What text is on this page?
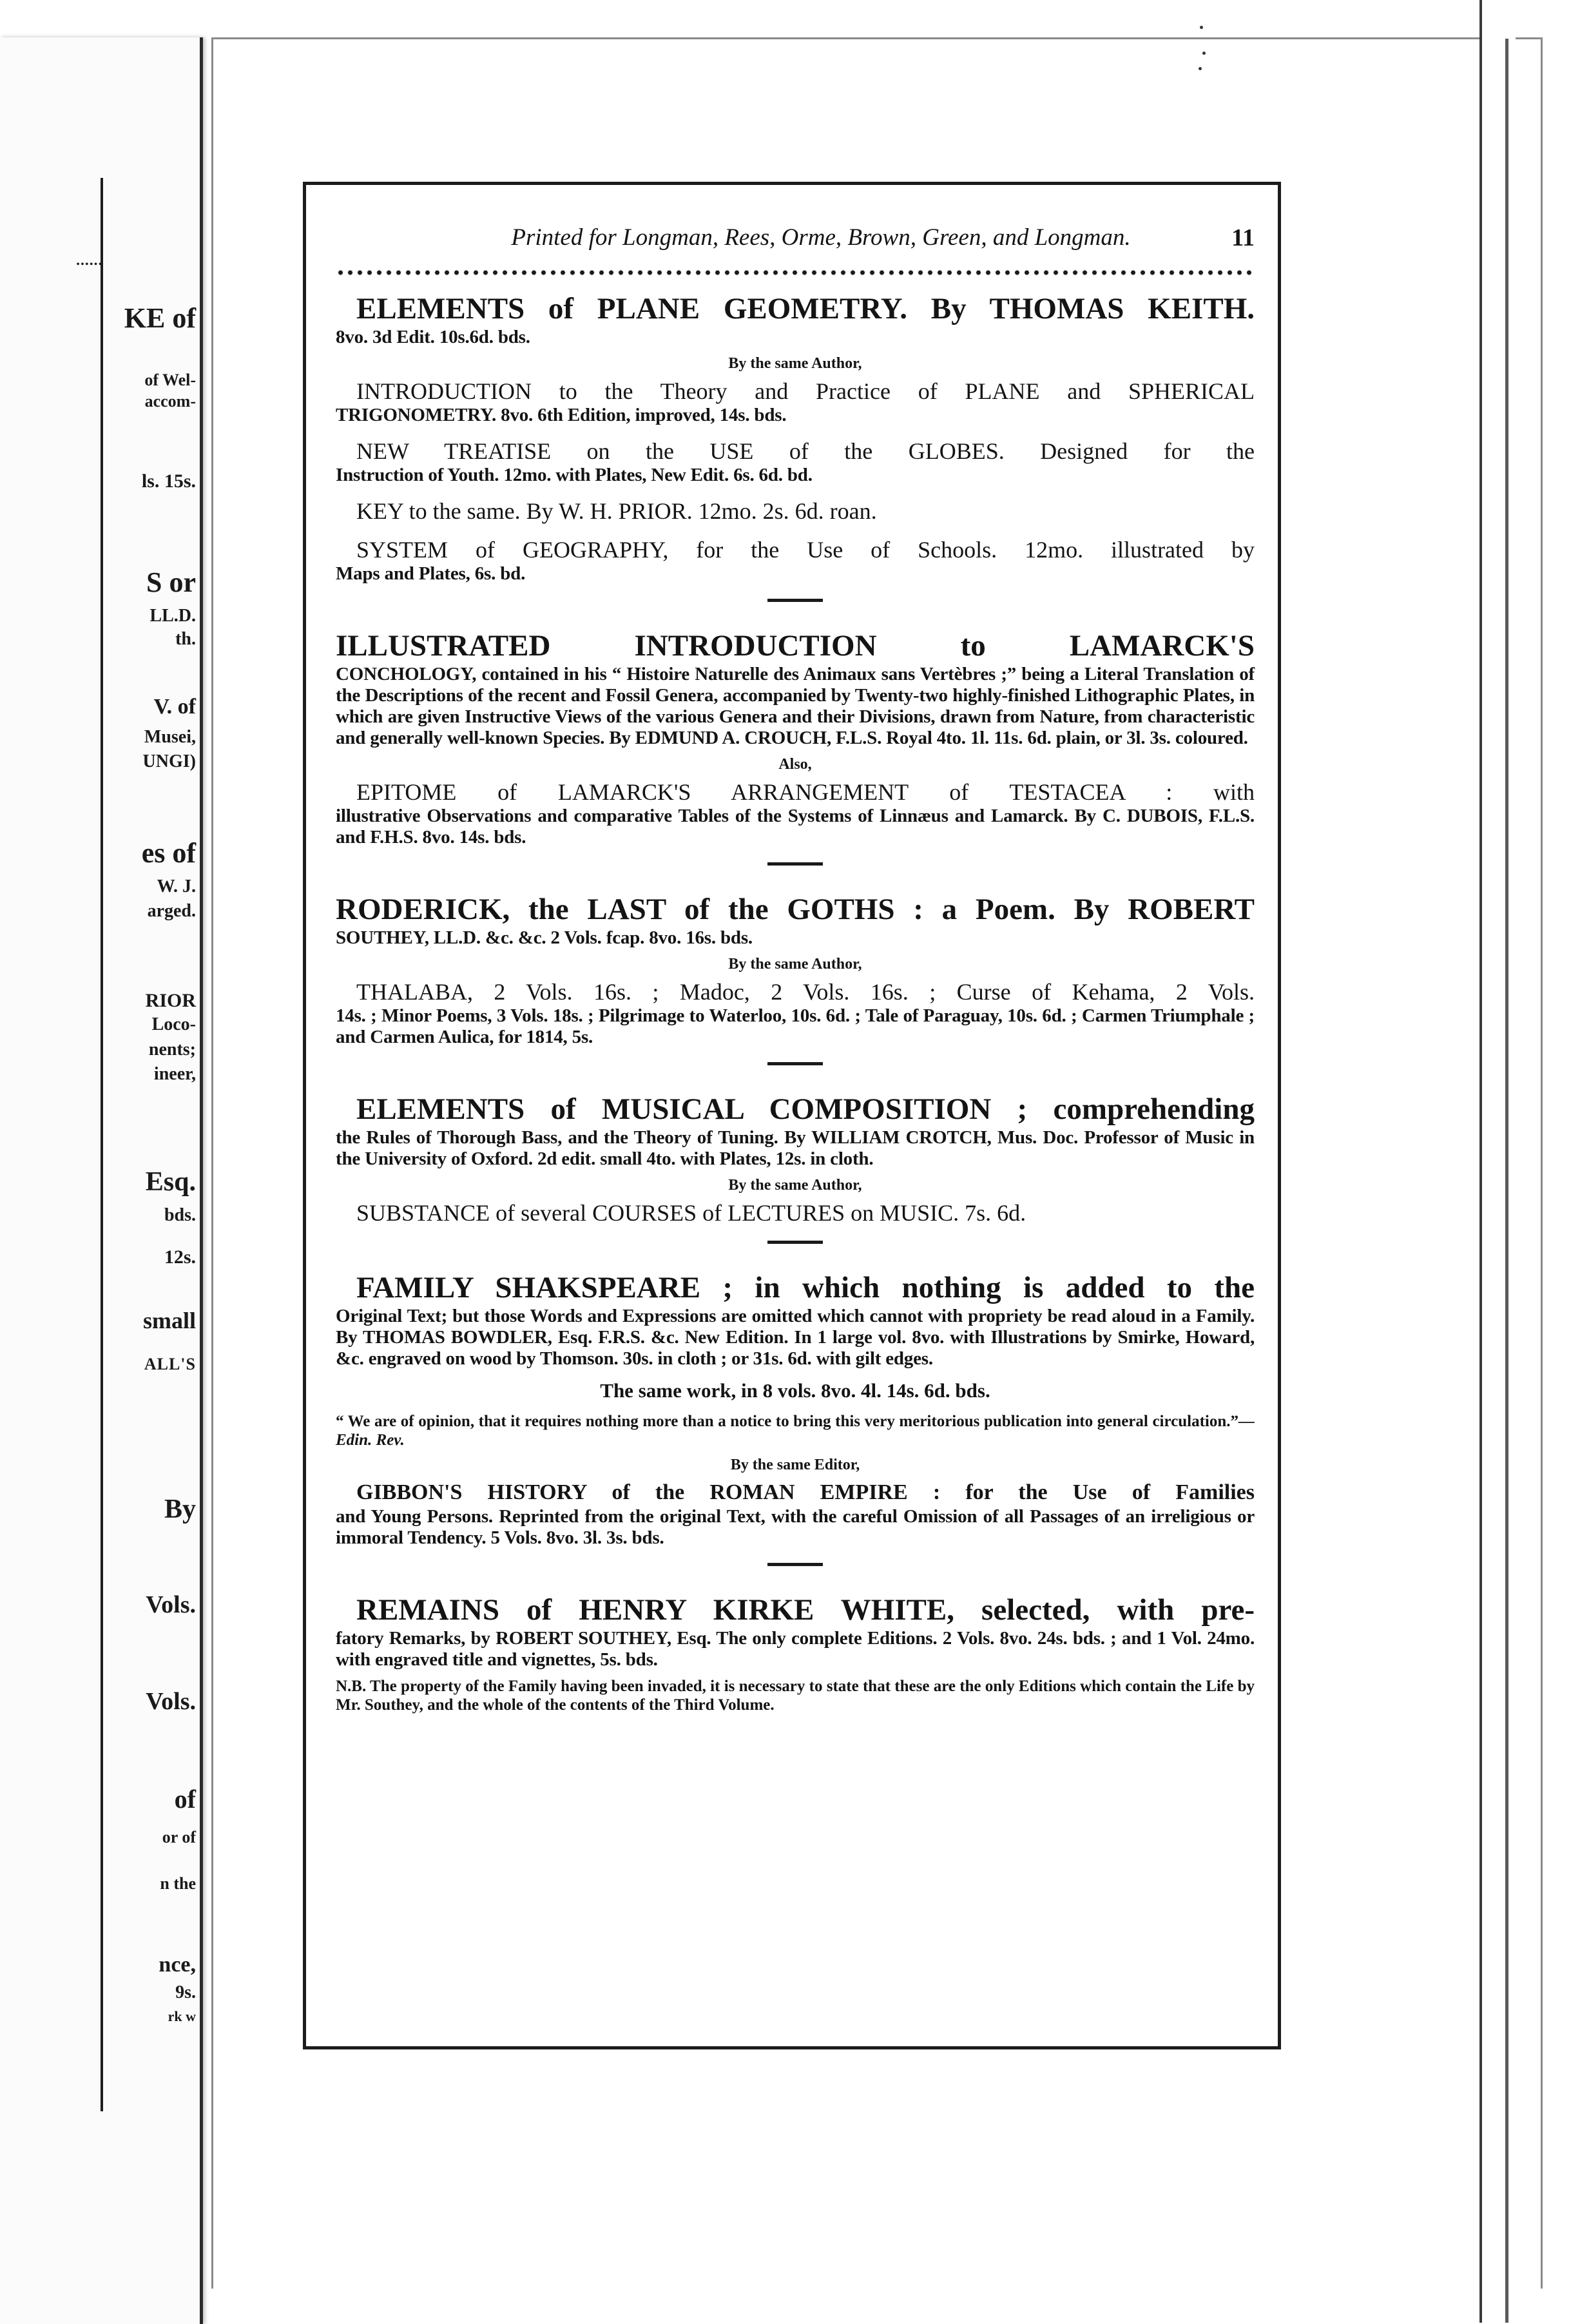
••••••
KE of
of Wel-
accom-
ls. 15s.
S or
LL.D.
th.
V. of
Musei,
UNGI)
es of
W. J.
arged.
RIOR
Loco-
nents;
ineer,
Esq.
bds.
12s.
small
ALL'S
By
Vols.
Vols.
of
or of
n the
nce,
9s.
rk w
Printed for Longman, Rees, Orme, Brown, Green, and Longman.	11
ELEMENTS of PLANE GEOMETRY. By THOMAS KEITH.
8vo. 3d Edit. 10s.6d. bds.
By the same Author,
INTRODUCTION to the Theory and Practice of PLANE and SPHERICAL
TRIGONOMETRY. 8vo. 6th Edition, improved, 14s. bds.
NEW TREATISE on the USE of the GLOBES. Designed for the
Instruction of Youth. 12mo. with Plates, New Edit. 6s. 6d. bd.
KEY to the same. By W. H. PRIOR. 12mo. 2s. 6d. roan.
SYSTEM of GEOGRAPHY, for the Use of Schools. 12mo. illustrated by
Maps and Plates, 6s. bd.
ILLUSTRATED INTRODUCTION to LAMARCK'S
CONCHOLOGY, contained in his “ Histoire Naturelle des Animaux sans Vertèbres ;” being a Literal Translation of the Descriptions of the recent and Fossil Genera, accompanied by Twenty-two highly-finished Lithographic Plates, in which are given Instructive Views of the various Genera and their Divisions, drawn from Nature, from characteristic and generally well-known Species. By EDMUND A. CROUCH, F.L.S. Royal 4to. 1l. 11s. 6d. plain, or 3l. 3s. coloured.
Also,
EPITOME of LAMARCK'S ARRANGEMENT of TESTACEA : with
illustrative Observations and comparative Tables of the Systems of Linnæus and Lamarck. By C. DUBOIS, F.L.S. and F.H.S. 8vo. 14s. bds.
RODERICK, the LAST of the GOTHS : a Poem. By ROBERT
SOUTHEY, LL.D. &c. &c. 2 Vols. fcap. 8vo. 16s. bds.
By the same Author,
THALABA, 2 Vols. 16s. ; Madoc, 2 Vols. 16s. ; Curse of Kehama, 2 Vols.
14s. ; Minor Poems, 3 Vols. 18s. ; Pilgrimage to Waterloo, 10s. 6d. ; Tale of Paraguay, 10s. 6d. ; Carmen Triumphale ; and Carmen Aulica, for 1814, 5s.
ELEMENTS of MUSICAL COMPOSITION ; comprehending
the Rules of Thorough Bass, and the Theory of Tuning. By WILLIAM CROTCH, Mus. Doc. Professor of Music in the University of Oxford. 2d edit. small 4to. with Plates, 12s. in cloth.
By the same Author,
SUBSTANCE of several COURSES of LECTURES on MUSIC. 7s. 6d.
FAMILY SHAKSPEARE ; in which nothing is added to the
Original Text; but those Words and Expressions are omitted which cannot with propriety be read aloud in a Family. By THOMAS BOWDLER, Esq. F.R.S. &c. New Edition. In 1 large vol. 8vo. with Illustrations by Smirke, Howard, &c. engraved on wood by Thomson. 30s. in cloth ; or 31s. 6d. with gilt edges.
The same work, in 8 vols. 8vo. 4l. 14s. 6d. bds.
“ We are of opinion, that it requires nothing more than a notice to bring this very meritorious publication into general circulation.”—Edin. Rev.
By the same Editor,
GIBBON'S HISTORY of the ROMAN EMPIRE : for the Use of Families
and Young Persons. Reprinted from the original Text, with the careful Omission of all Passages of an irreligious or immoral Tendency. 5 Vols. 8vo. 3l. 3s. bds.
REMAINS of HENRY KIRKE WHITE, selected, with pre-
fatory Remarks, by ROBERT SOUTHEY, Esq. The only complete Editions. 2 Vols. 8vo. 24s. bds. ; and 1 Vol. 24mo. with engraved title and vignettes, 5s. bds.
N.B. The property of the Family having been invaded, it is necessary to state that these are the only Editions which contain the Life by Mr. Southey, and the whole of the contents of the Third Volume.
